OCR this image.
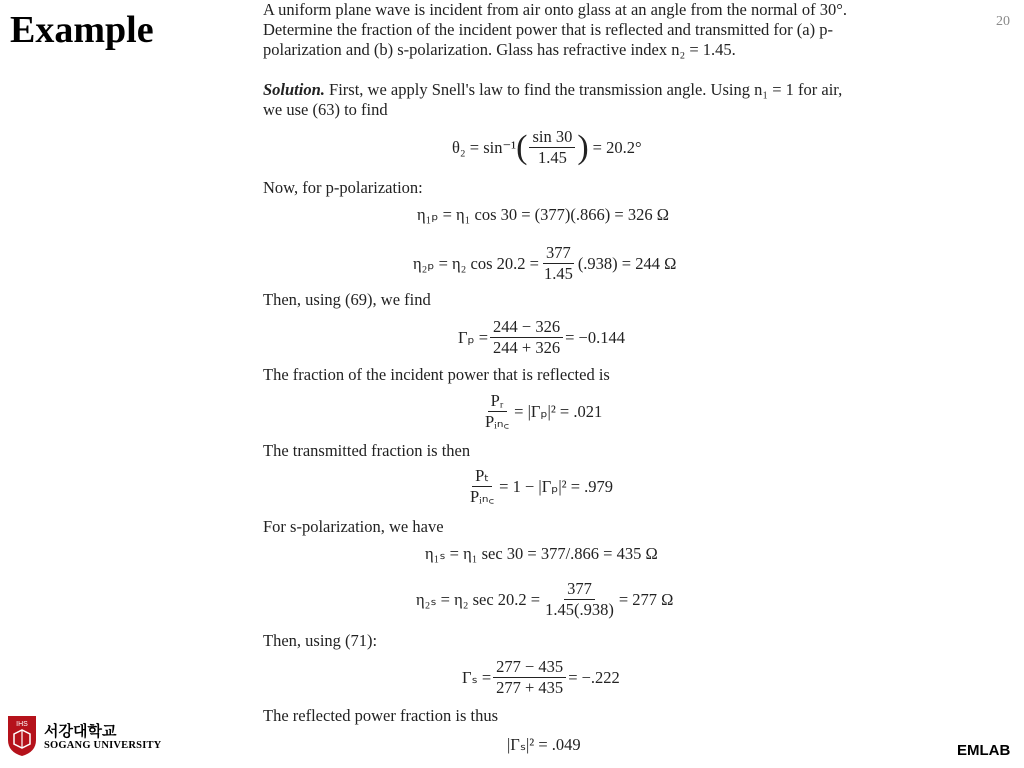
Example	20
A uniform plane wave is incident from air onto glass at an angle from the normal of 30°.
Determine the fraction of the incident power that is reflected and transmitted for (a) p-
polarization and (b) s-polarization. Glass has refractive index n₂ = 1.45.
Solution. First, we apply Snell's law to find the transmission angle. Using n₁ = 1 for air,
we use (63) to find
θ₂ = sin⁻¹ ( $\frac{\sin 30}{1.45}$ ) = 20.2°
Now, for p-polarization:
η₁ₚ = η₁ cos 30 = (377)(.866) = 326 Ω
η₂ₚ = η₂ $\cos 20.2 = \frac{377}{1.45} (.938) = 244$ Ω
Then, using (69), we find
$\Gamma_p = \frac{244 - 326}{244 + 326} = -0.144$
The fraction of the incident power that is reflected is
$\frac{\text{Pᵣ}}{\text{Pᵢₙ꜀}} = |\Gamma_p|^2 = .021$
The transmitted fraction is then
$\frac{\text{Pₜ}}{\text{Pᵢₙ꜀}} = 1 - |\Gamma_p|^2 = .979$
For s-polarization, we have
η₁ₛ = η₁ sec 30 = 377/.866 = 435 Ω
η₂ₛ = η₂ $\sec 20.2 = \frac{377}{1.45(.938)} = 277$ Ω
Then, using (71):
$\Gamma_s = \frac{277 - 435}{277 + 435} = -.222$
The reflected power fraction is thus
|Γₛ|² = .049
IHS 서강대학교
SOGANG UNIVERSITY	EMLAB
